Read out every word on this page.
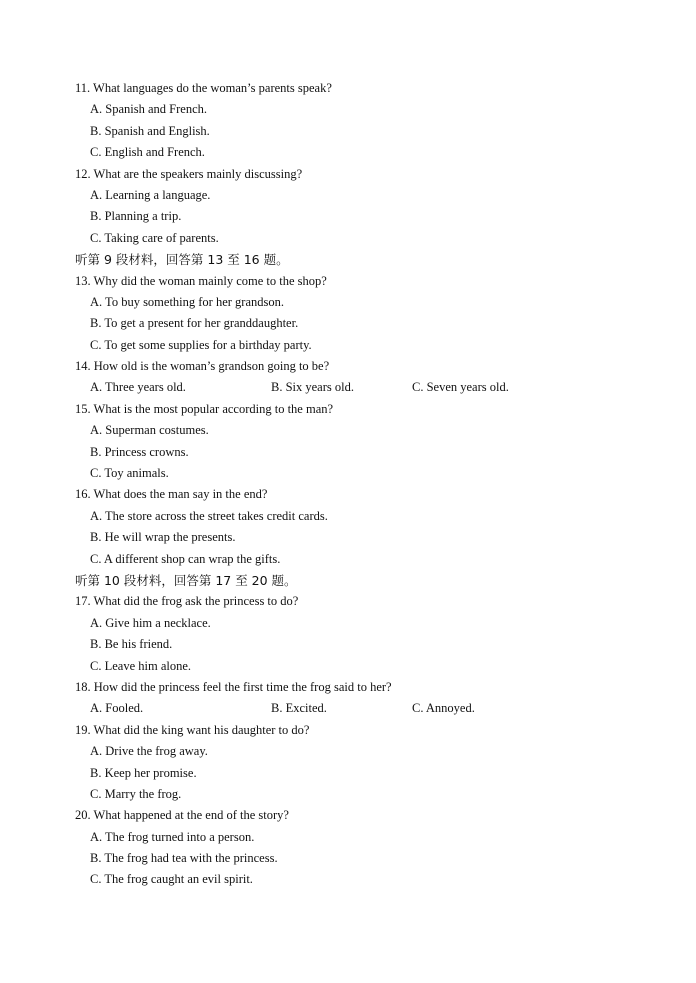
11. What languages do the woman’s parents speak?
A. Spanish and French.
B. Spanish and English.
C. English and French.
12. What are the speakers mainly discussing?
A. Learning a language.
B. Planning a trip.
C. Taking care of parents.
听第 9 段材料，回答第 13 至 16 题。
13. Why did the woman mainly come to the shop?
A. To buy something for her grandson.
B. To get a present for her granddaughter.
C. To get some supplies for a birthday party.
14. How old is the woman’s grandson going to be?
A. Three years old.	B. Six years old.	C. Seven years old.
15. What is the most popular according to the man?
A. Superman costumes.
B. Princess crowns.
C. Toy animals.
16. What does the man say in the end?
A. The store across the street takes credit cards.
B. He will wrap the presents.
C. A different shop can wrap the gifts.
听第 10 段材料，回答第 17 至 20 题。
17. What did the frog ask the princess to do?
A. Give him a necklace.
B. Be his friend.
C. Leave him alone.
18. How did the princess feel the first time the frog said to her?
A. Fooled.	B. Excited.	C. Annoyed.
19. What did the king want his daughter to do?
A. Drive the frog away.
B. Keep her promise.
C. Marry the frog.
20. What happened at the end of the story?
A. The frog turned into a person.
B. The frog had tea with the princess.
C. The frog caught an evil spirit.
